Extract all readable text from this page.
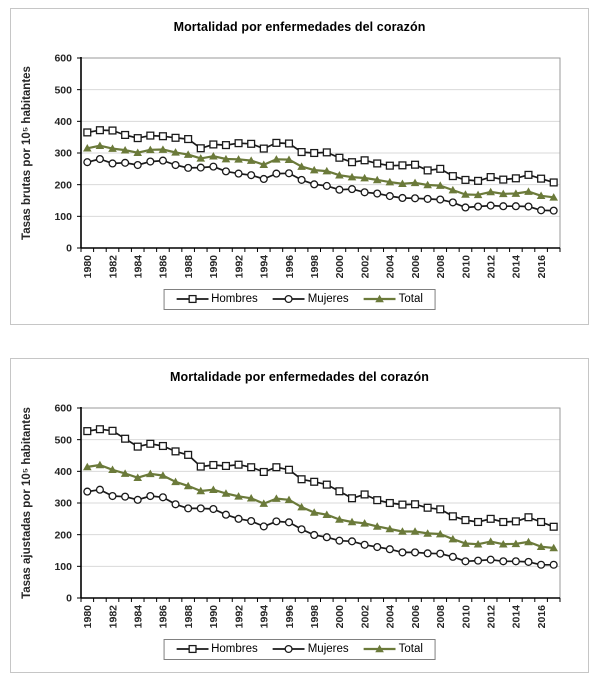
Mortalidad por enfermedades del corazón
Tasas brutas por 10⁵ habitantes
0
100
200
300
400
500
600
1980 1982 1984 1986 1988 1990 1992 1994 1996 1998 2000 2002 2004 2006 2008 2010 2012 2014 2016
Hombres	Mujeres	Total
Mortalidade por enfermedades del corazón
Tasas ajustadas por 10⁵ habitantes	0
100
200
300
400
500
600
1980 1982 1984 1986 1988 1990 1992 1994 1996 1998 2000 2002 2004 2006 2008 2010 2012 2014 2016
Hombres	Mujeres	Total
